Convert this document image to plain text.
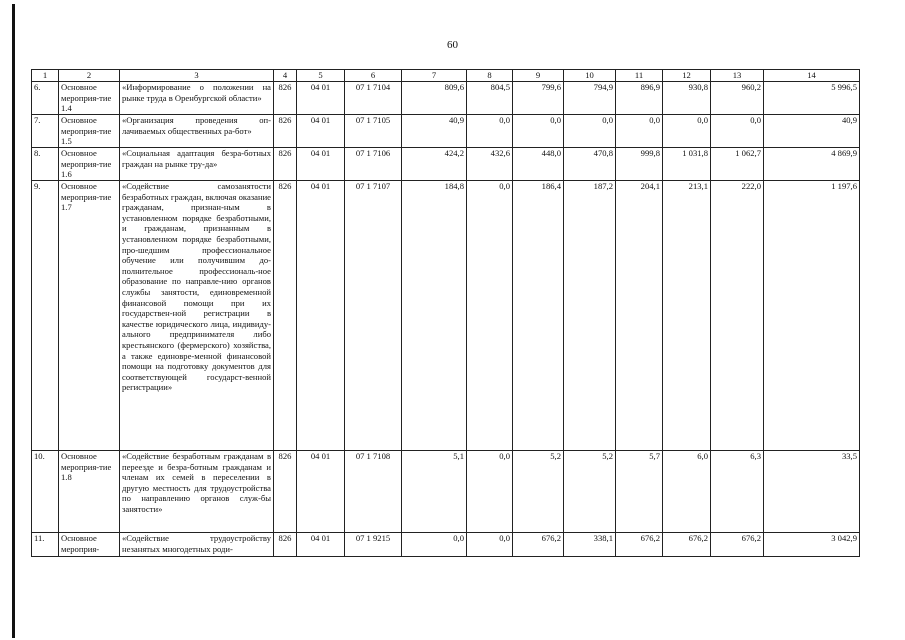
60
1	2	3	4	5	6	7	8	9	10	11	12	13	14
6.	Основное мероприя-тие 1.4	«Информирование о положении на рынке труда в Оренбургской области»	826	04 01	07 1 7104	809,6	804,5	799,6	794,9	896,9	930,8	960,2	5 996,5
7.	Основное мероприя-тие 1.5	«Организация проведения оп-лачиваемых общественных ра-бот»	826	04 01	07 1 7105	40,9	0,0	0,0	0,0	0,0	0,0	0,0	40,9
8.	Основное мероприя-тие 1.6	«Социальная адаптация безра-ботных граждан на рынке тру-да»	826	04 01	07 1 7106	424,2	432,6	448,0	470,8	999,8	1 031,8	1 062,7	4 869,9
9.	Основное мероприя-тие 1.7	«Содействие самозанятости безработных граждан, включая оказание гражданам, признан-ным в установленном порядке безработными, и гражданам, признанным в установленном порядке безработными, про-шедшим профессиональное обучение или получившим до-полнительное профессиональ-ное образование по направле-нию органов службы занятости, единовременной финансовой помощи при их государствен-ной регистрации в качестве юридического лица, индивиду-ального предпринимателя либо крестьянского (фермерского) хозяйства, а также единовре-менной финансовой помощи на подготовку документов для соответствующей государст-венной регистрации»	826	04 01	07 1 7107	184,8	0,0	186,4	187,2	204,1	213,1	222,0	1 197,6
10.	Основное мероприя-тие 1.8	«Содействие безработным гражданам в переезде и безра-ботным гражданам и членам их семей в переселении в другую местность для трудоустройства по направлению органов служ-бы занятости»	826	04 01	07 1 7108	5,1	0,0	5,2	5,2	5,7	6,0	6,3	33,5
11.	Основное мероприя-	«Содействие трудоустройству незанятых многодетных роди-	826	04 01	07 1 9215	0,0	0,0	676,2	338,1	676,2	676,2	676,2	3 042,9
